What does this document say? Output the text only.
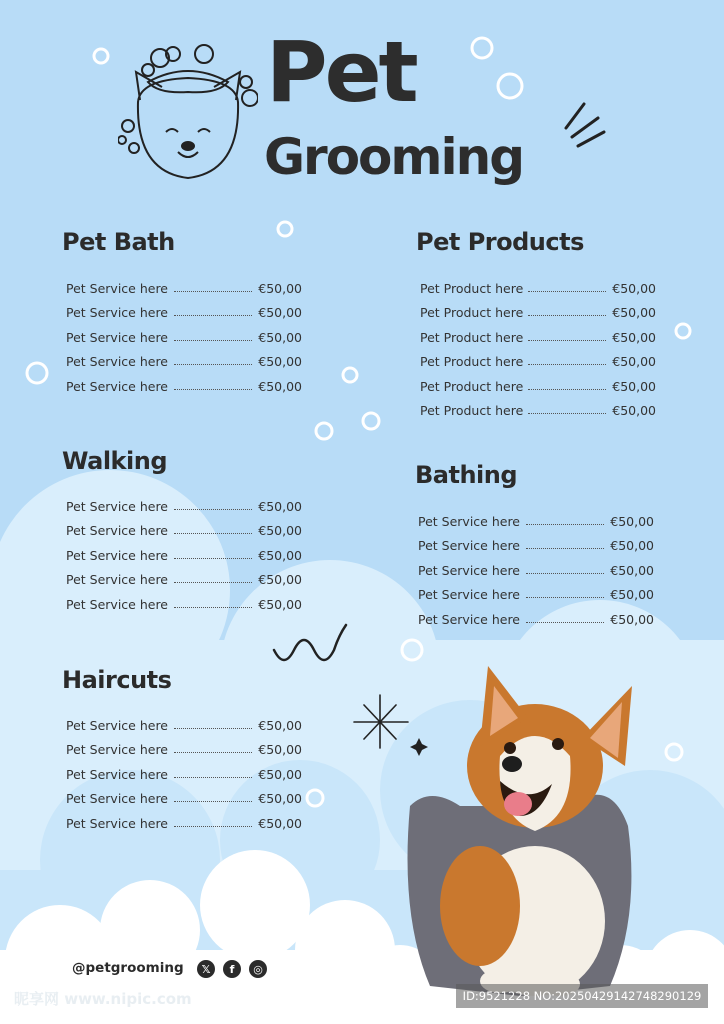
Pet
Grooming
Pet Bath
Pet Service here	€50,00
Pet Service here	€50,00
Pet Service here	€50,00
Pet Service here	€50,00
Pet Service here	€50,00
Pet Products
Pet Product here	€50,00
Pet Product here	€50,00
Pet Product here	€50,00
Pet Product here	€50,00
Pet Product here	€50,00
Pet Product here	€50,00
Walking
Pet Service here	€50,00
Pet Service here	€50,00
Pet Service here	€50,00
Pet Service here	€50,00
Pet Service here	€50,00
Bathing
Pet Service here	€50,00
Pet Service here	€50,00
Pet Service here	€50,00
Pet Service here	€50,00
Pet Service here	€50,00
Haircuts
Pet Service here	€50,00
Pet Service here	€50,00
Pet Service here	€50,00
Pet Service here	€50,00
Pet Service here	€50,00
@petgrooming	𝕏	f	◎
昵享网 www.nipic.com	ID:9521228 NO:20250429142748290129
